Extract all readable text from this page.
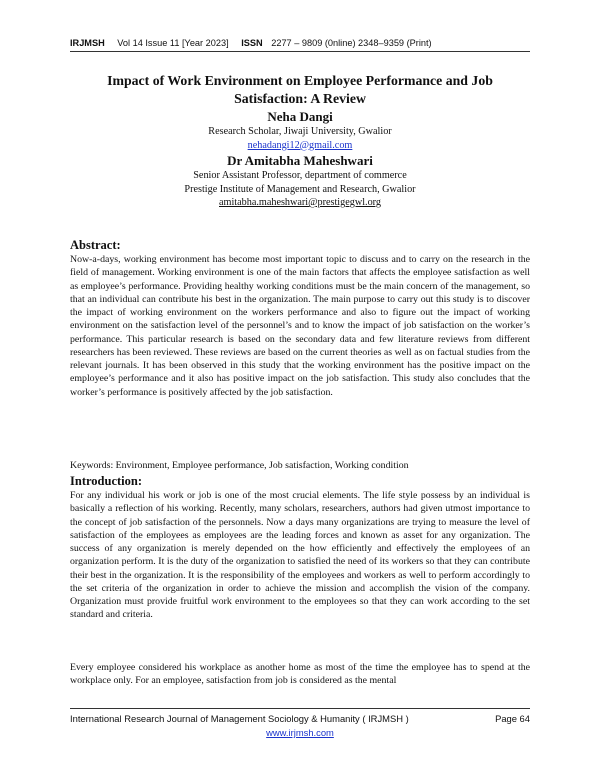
IRJMSH Vol 14 Issue 11 [Year 2023] ISSN 2277 – 9809 (0nline) 2348–9359 (Print)

Impact of Work Environment on Employee Performance and Job Satisfaction: A Review

Neha Dangi
Research Scholar, Jiwaji University, Gwalior
nehadangi12@gmail.com
Dr Amitabha Maheshwari
Senior Assistant Professor, department of commerce
Prestige Institute of Management and Research, Gwalior
amitabha.maheshwari@prestigegwl.org
Abstract:

Now-a-days, working environment has become most important topic to discuss and to carry on the research in the field of management. Working environment is one of the main factors that affects the employee satisfaction as well as employee’s performance. Providing healthy working conditions must be the main concern of the management, so that an individual can contribute his best in the organization. The main purpose to carry out this study is to discover the impact of working environment on the workers performance and also to figure out the impact of working environment on the satisfaction level of the personnel’s and to know the impact of job satisfaction on the worker’s performance. This particular research is based on the secondary data and few literature reviews from different researchers has been reviewed. These reviews are based on the current theories as well as on factual studies from the relevant journals. It has been observed in this study that the working environment has the positive impact on the employee’s performance and it also has positive impact on the job satisfaction. This study also concludes that the worker’s performance is positively affected by the job satisfaction.

Keywords: Environment, Employee performance, Job satisfaction, Working condition

Introduction:

For any individual his work or job is one of the most crucial elements. The life style possess by an individual is basically a reflection of his working. Recently, many scholars, researchers, authors had given utmost importance to the concept of job satisfaction of the personnels. Now a days many organizations are trying to measure the level of satisfaction of the employees as employees are the leading forces and known as asset for any organization. The success of any organization is merely depended on the how efficiently and effectively the employees of an organization perform. It is the duty of the organization to satisfied the need of its workers so that they can contribute their best in the organization. It is the responsibility of the employees and workers as well to perform accordingly to the set criteria of the organization in order to achieve the mission and accomplish the vision of the company. Organization must provide fruitful work environment to the employees so that they can work according to the set standard and criteria.

Every employee considered his workplace as another home as most of the time the employee has to spend at the workplace only. For an employee, satisfaction from job is considered as the mental

International Research Journal of Management Sociology & Humanity ( IRJMSH )	Page 64
www.irjmsh.com
